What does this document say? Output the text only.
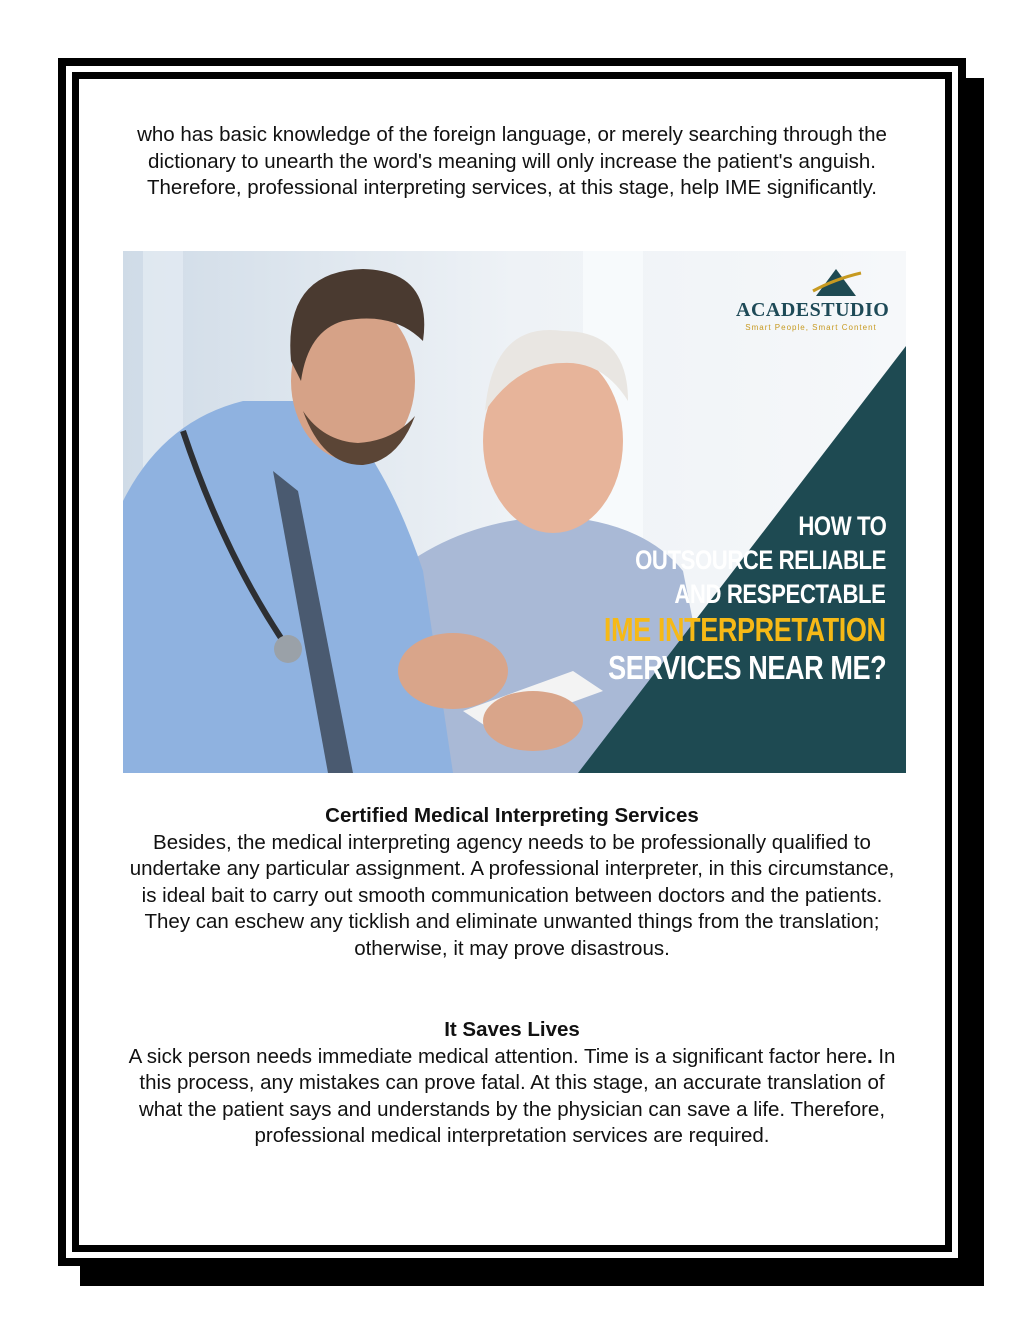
who has basic knowledge of the foreign language, or merely searching through the dictionary to unearth the word's meaning will only increase the patient's anguish. Therefore, professional interpreting services, at this stage, help IME significantly.

ACADESTUDIO
Smart People, Smart Content
HOW TO
OUTSOURCE RELIABLE
AND RESPECTABLE
IME INTERPRETATION
SERVICES NEAR ME?
Certified Medical Interpreting Services
Besides, the medical interpreting agency needs to be professionally qualified to undertake any particular assignment. A professional interpreter, in this circumstance, is ideal bait to carry out smooth communication between doctors and the patients. They can eschew any ticklish and eliminate unwanted things from the translation; otherwise, it may prove disastrous.
It Saves Lives
A sick person needs immediate medical attention. Time is a significant factor here. In this process, any mistakes can prove fatal. At this stage, an accurate translation of what the patient says and understands by the physician can save a life. Therefore, professional medical interpretation services are required.
